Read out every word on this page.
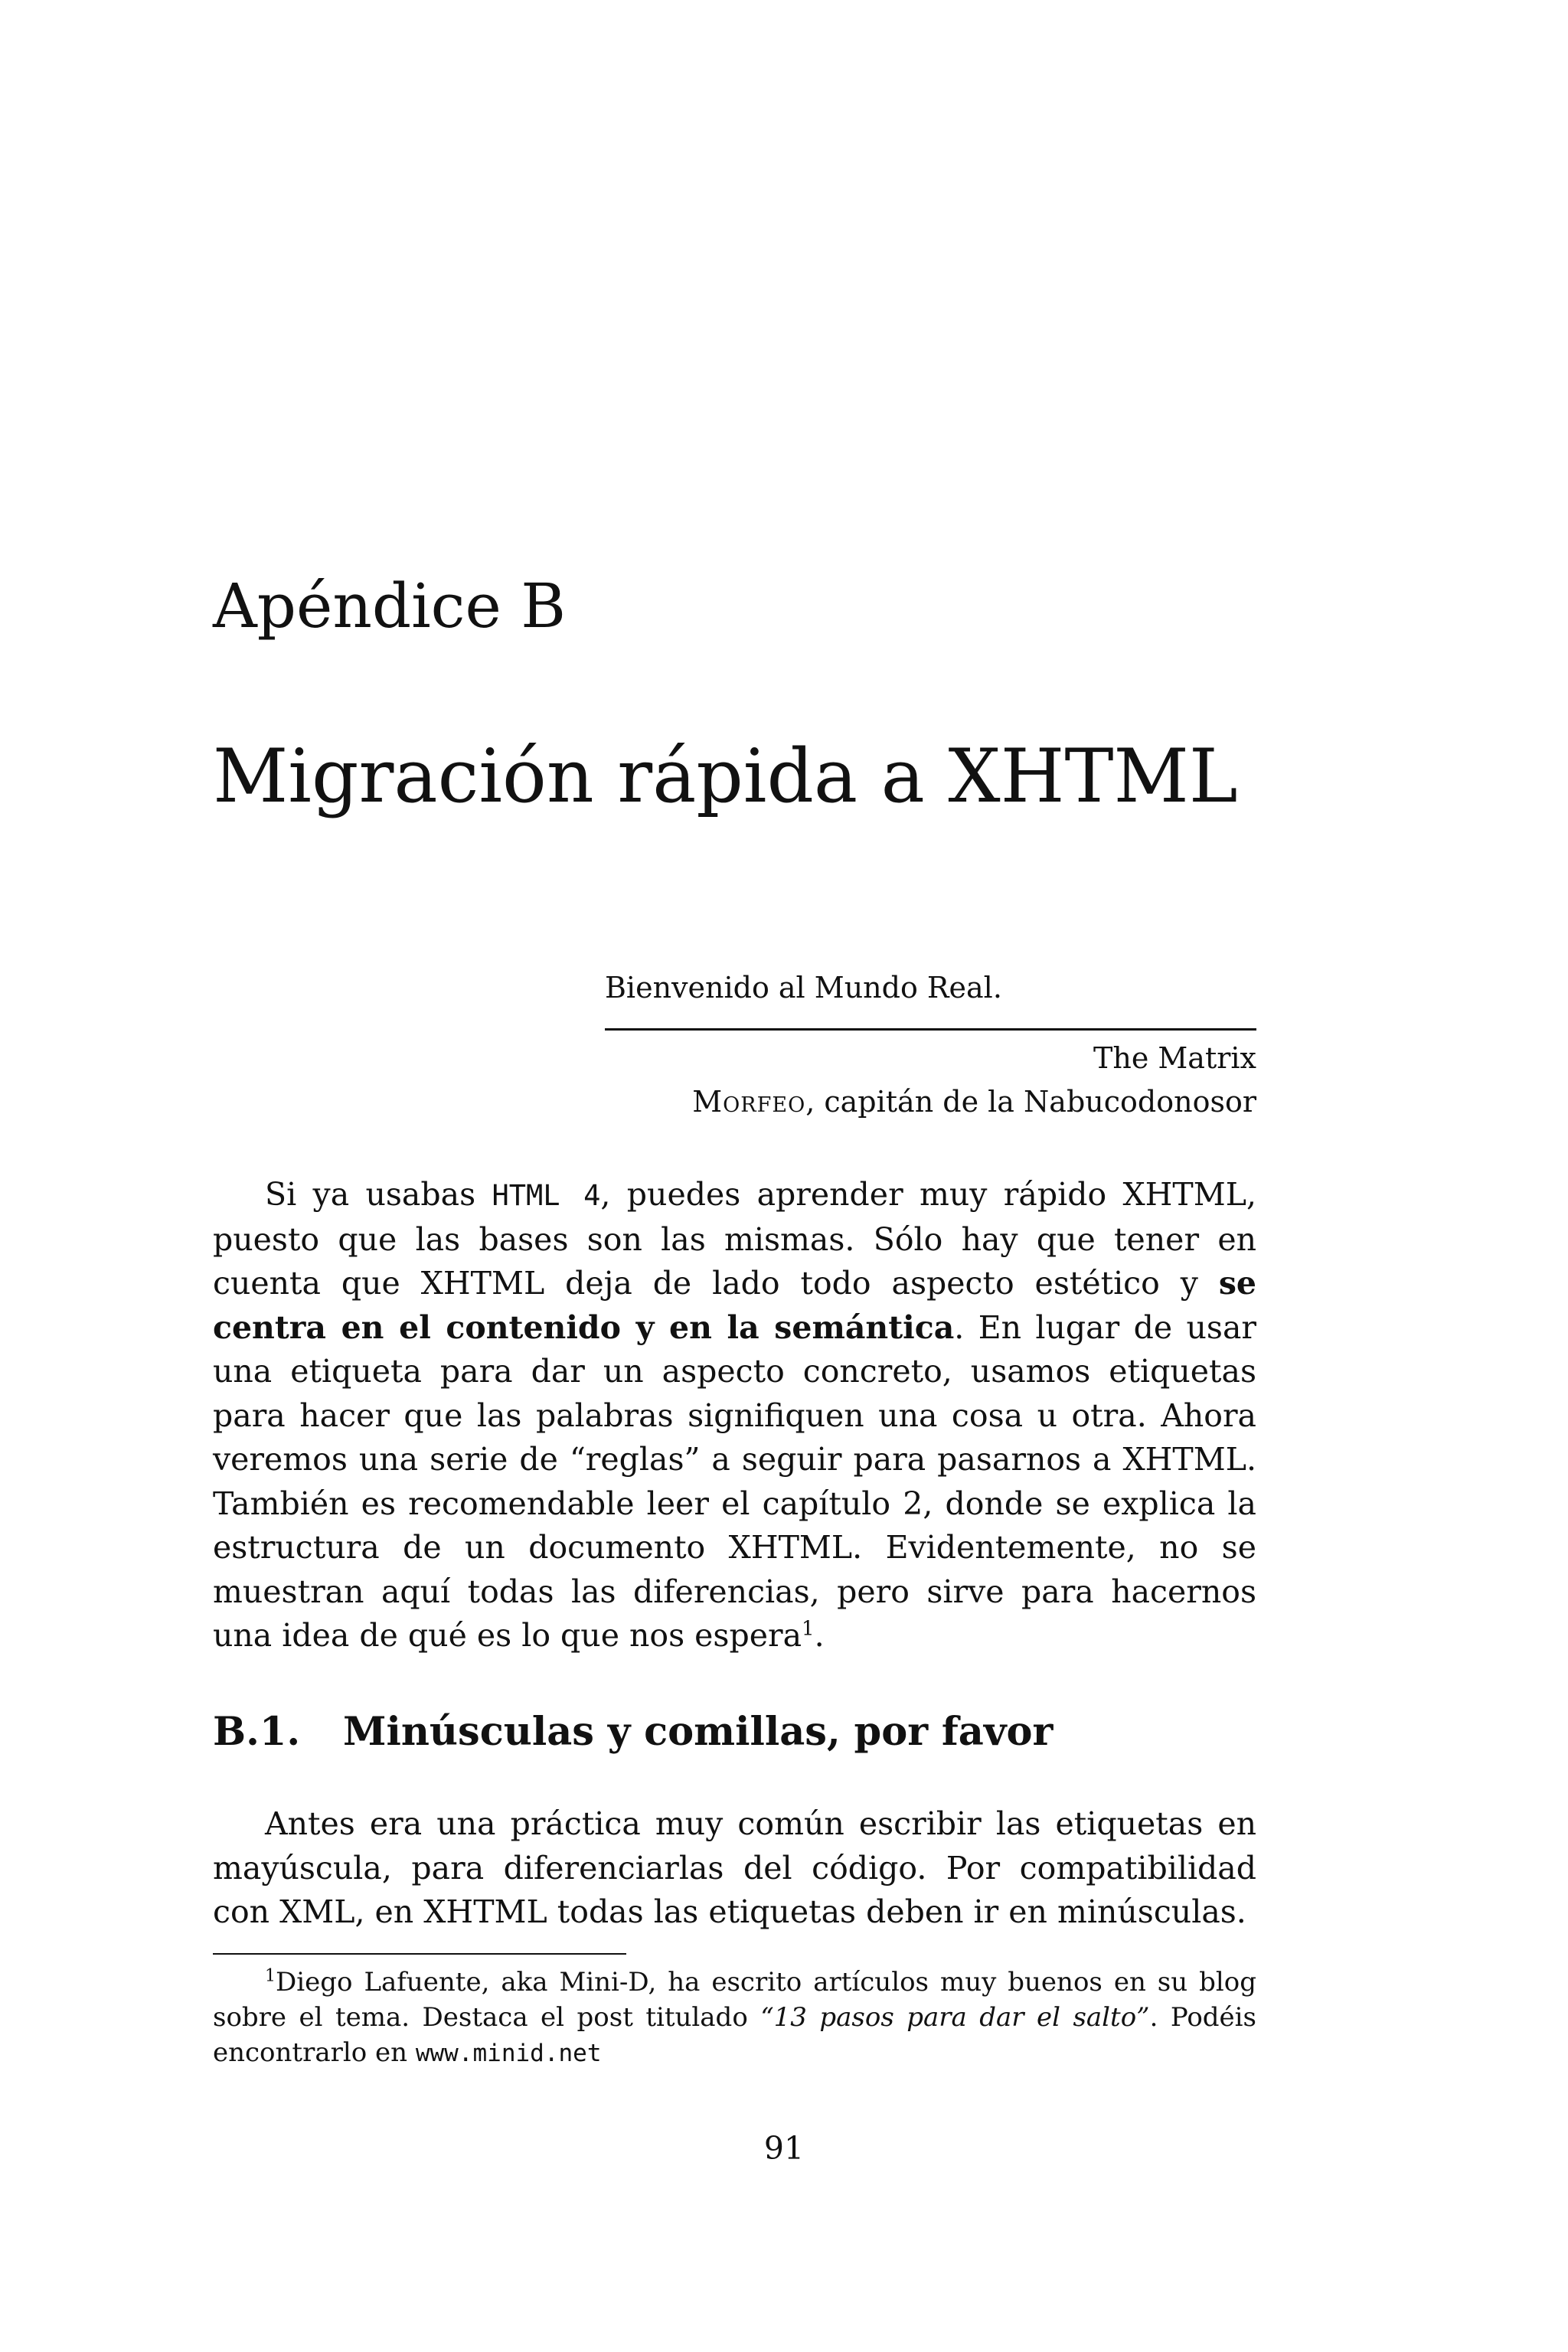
Apéndice B
Migración rápida a XHTML

Bienvenido al Mundo Real.

The Matrix

Morfeo, capitán de la Nabucodonosor

Si ya usabas HTML 4, puedes aprender muy rápido XHTML, puesto que las bases son las mismas. Sólo hay que tener en cuenta que XHTML deja de lado todo aspecto estético y se centra en el contenido y en la semántica. En lugar de usar una etiqueta para dar un aspecto concreto, usamos etiquetas para hacer que las palabras signifiquen una cosa u otra. Ahora veremos una serie de “reglas” a seguir para pasarnos a XHTML. También es recomendable leer el capítulo 2, donde se explica la estructura de un documento XHTML. Evidentemente, no se muestran aquí todas las diferencias, pero sirve para hacernos una idea de qué es lo que nos espera$^1$.

B.1. Minúsculas y comillas, por favor

Antes era una práctica muy común escribir las etiquetas en mayúscula, para diferenciarlas del código. Por compatibilidad con XML, en XHTML todas las etiquetas deben ir en minúsculas.

$^1$Diego Lafuente, aka Mini-D, ha escrito artículos muy buenos en su blog sobre el tema. Destaca el post titulado “13 pasos para dar el salto”. Podéis encontrarlo en www.minid.net

91
